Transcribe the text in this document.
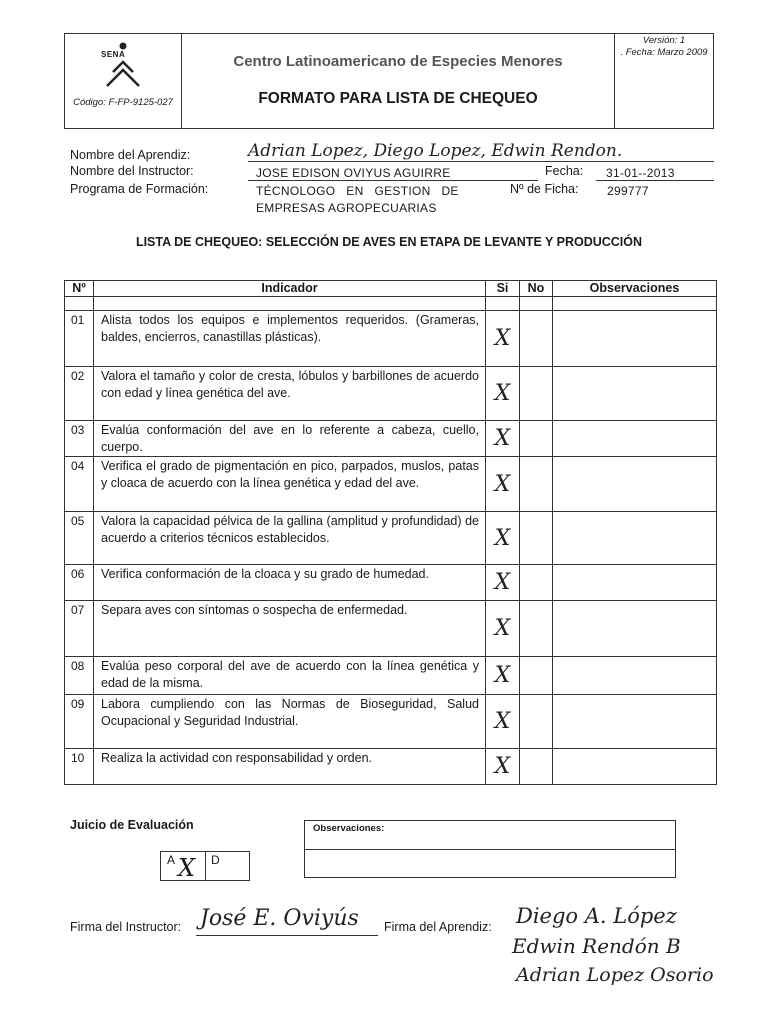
SENA
Código: F-FP-9125-027
Centro Latinoamericano de Especies Menores
FORMATO PARA LISTA DE CHEQUEO
Versión: 1
. Fecha: Marzo 2009
Nombre del Aprendiz:	Adrian Lopez, Diego Lopez, Edwin Rendon.
Nombre del Instructor:	JOSE EDISON OVIYUS AGUIRRE	Fecha: 31-01--2013
Programa de Formación:	TÉCNOLOGO   EN   GESTION   DE
EMPRESAS AGROPECUARIAS
Nº de Ficha: 299777
LISTA DE CHEQUEO: SELECCIÓN DE AVES EN ETAPA DE LEVANTE Y PRODUCCIÓN
Nº	Indicador	Si	No	Observaciones

01	Alista todos los equipos e implementos requeridos. (Grameras, baldes, encierros, canastillas plásticas).	X		
02	Valora el tamaño y color de cresta, lóbulos y barbillones de acuerdo con edad y línea genética del ave.	X		
03	Evalúa conformación del ave en lo referente a cabeza, cuello, cuerpo.	X		
04	Verifica el grado de pigmentación en pico, parpados, muslos, patas y cloaca de acuerdo con la línea genética y edad del ave.	X		
05	Valora la capacidad pélvica de la gallina (amplitud y profundidad) de acuerdo a criterios técnicos establecidos.	X		
06	Verifica conformación de la cloaca y su grado de humedad.	X		
07	Separa aves con síntomas o sospecha de enfermedad.	X		
08	Evalúa peso corporal del ave de acuerdo con la línea genética y edad de la misma.	X		
09	Labora cumpliendo con las Normas de Bioseguridad, Salud Ocupacional y Seguridad Industrial.	X		
10	Realiza la actividad con responsabilidad y orden.	X		
Juicio de Evaluación
A X D
Observaciones:
Firma del Instructor: José E. Oviyús Firma del Aprendiz: Diego A. López
Edwin Rendón B
Adrian Lopez Osorio
